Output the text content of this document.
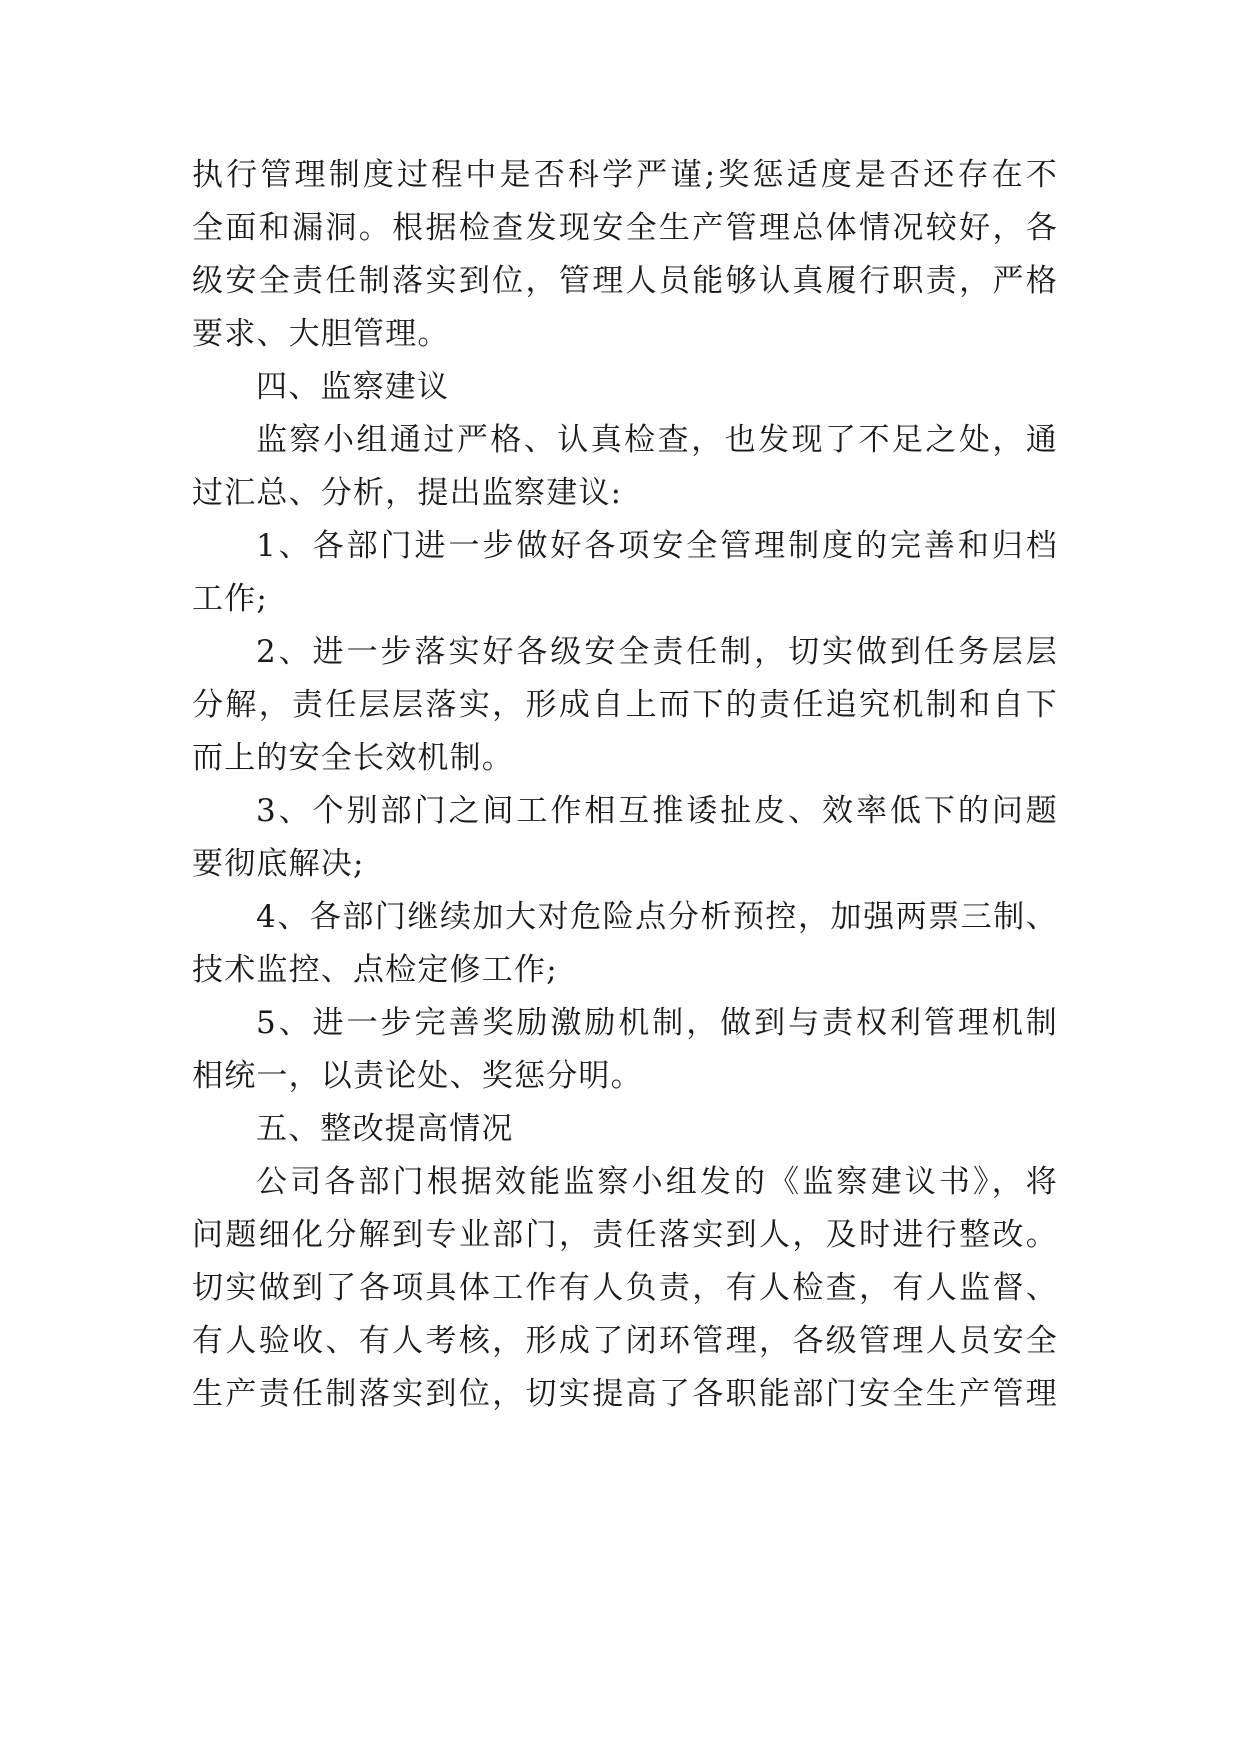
执行管理制度过程中是否科学严谨;奖惩适度是否还存在不
全面和漏洞。根据检查发现安全生产管理总体情况较好，各
级安全责任制落实到位，管理人员能够认真履行职责，严格
要求、大胆管理。
四、监察建议
监察小组通过严格、认真检查，也发现了不足之处，通
过汇总、分析，提出监察建议:
1、各部门进一步做好各项安全管理制度的完善和归档
工作;
2、进一步落实好各级安全责任制，切实做到任务层层
分解，责任层层落实，形成自上而下的责任追究机制和自下
而上的安全长效机制。
3、个别部门之间工作相互推诿扯皮、效率低下的问题
要彻底解决;
4、各部门继续加大对危险点分析预控，加强两票三制、
技术监控、点检定修工作;
5、进一步完善奖励激励机制，做到与责权利管理机制
相统一，以责论处、奖惩分明。
五、整改提高情况
公司各部门根据效能监察小组发的《监察建议书》，将
问题细化分解到专业部门，责任落实到人，及时进行整改。
切实做到了各项具体工作有人负责，有人检查，有人监督、
有人验收、有人考核，形成了闭环管理，各级管理人员安全
生产责任制落实到位，切实提高了各职能部门安全生产管理
